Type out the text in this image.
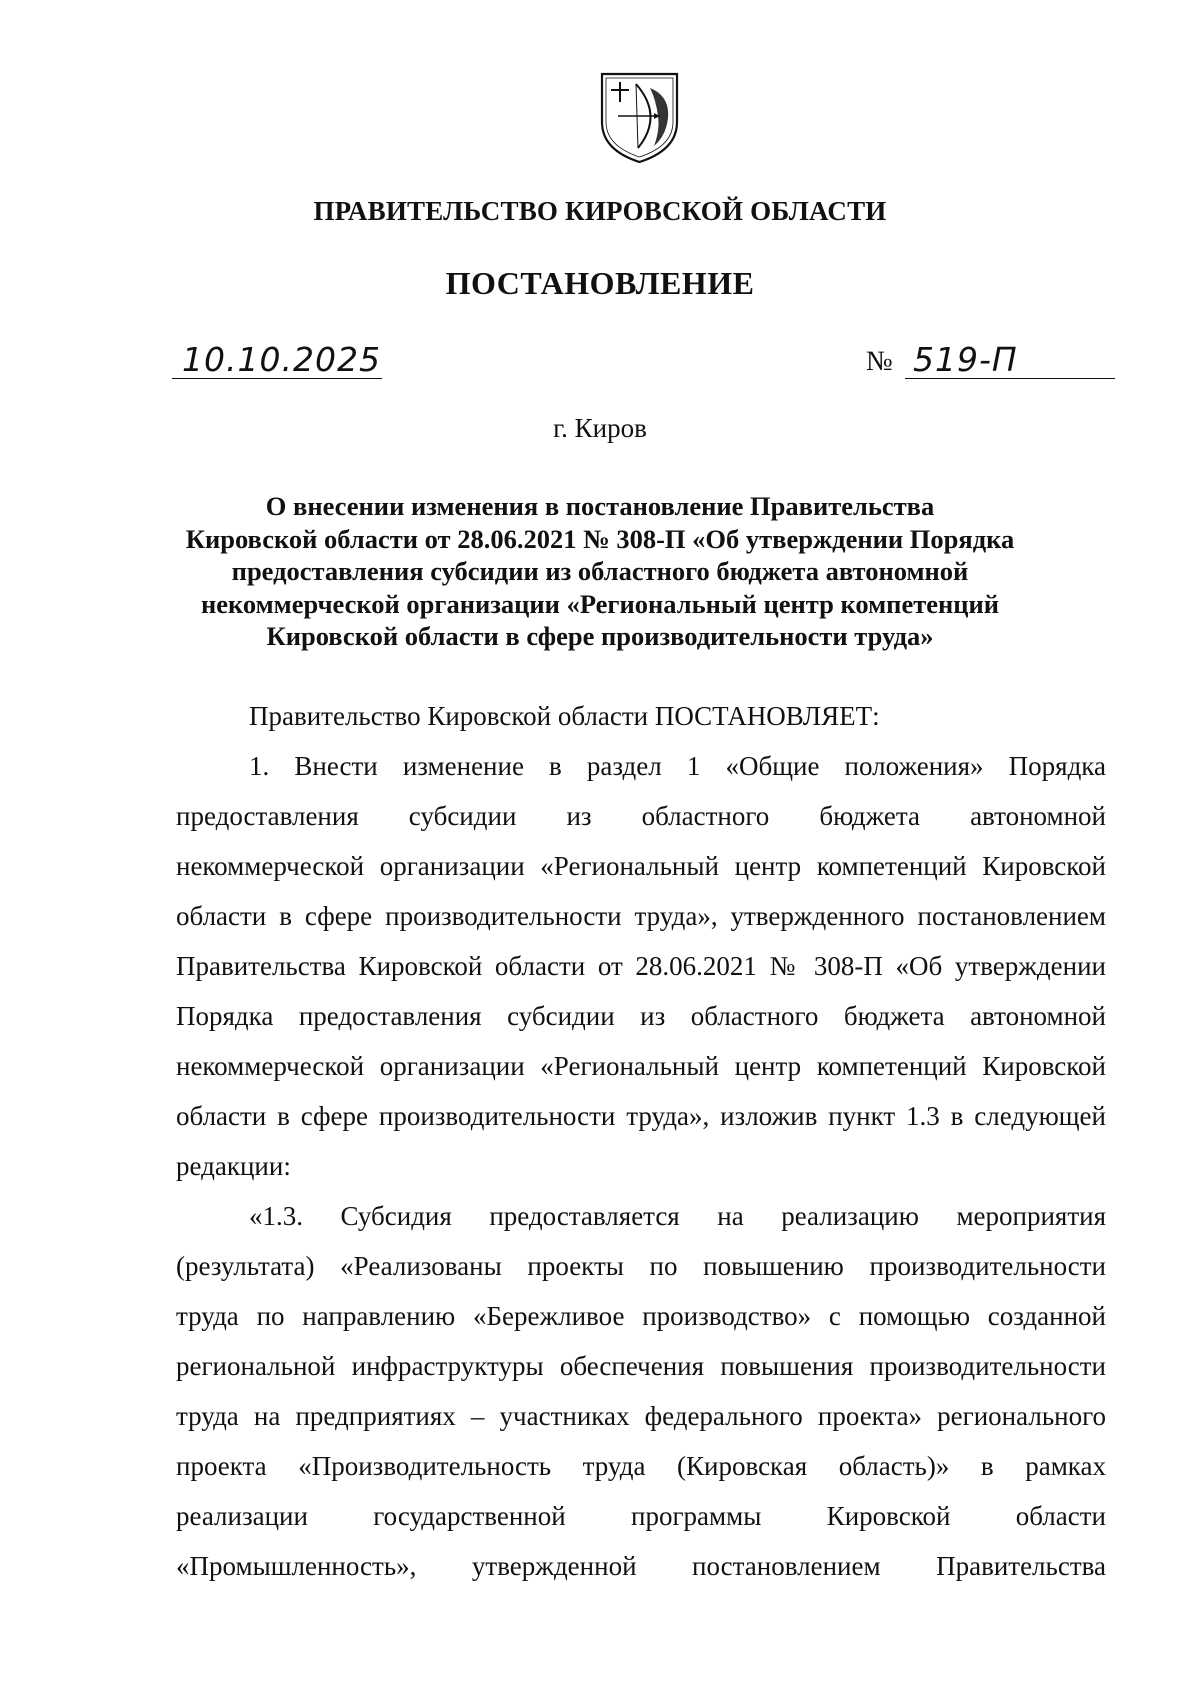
ПРАВИТЕЛЬСТВО КИРОВСКОЙ ОБЛАСТИ
ПОСТАНОВЛЕНИЕ
10.10.2025	№ 519-П
г. Киров
О внесении изменения в постановление Правительства
Кировской области от 28.06.2021 № 308-П «Об утверждении Порядка
предоставления субсидии из областного бюджета автономной
некоммерческой организации «Региональный центр компетенций
Кировской области в сфере производительности труда»
Правительство Кировской области ПОСТАНОВЛЯЕТ:
1. Внести изменение в раздел 1 «Общие положения» Порядка
предоставления субсидии из областного бюджета автономной
некоммерческой организации «Региональный центр компетенций Кировской
области в сфере производительности труда», утвержденного постановлением
Правительства Кировской области от 28.06.2021 № 308-П «Об утверждении
Порядка предоставления субсидии из областного бюджета автономной
некоммерческой организации «Региональный центр компетенций Кировской
области в сфере производительности труда», изложив пункт 1.3 в следующей
редакции:
«1.3. Субсидия предоставляется на реализацию мероприятия
(результата) «Реализованы проекты по повышению производительности
труда по направлению «Бережливое производство» с помощью созданной
региональной инфраструктуры обеспечения повышения производительности
труда на предприятиях – участниках федерального проекта» регионального
проекта «Производительность труда (Кировская область)» в рамках
реализации государственной программы Кировской области
«Промышленность», утвержденной постановлением Правительства
